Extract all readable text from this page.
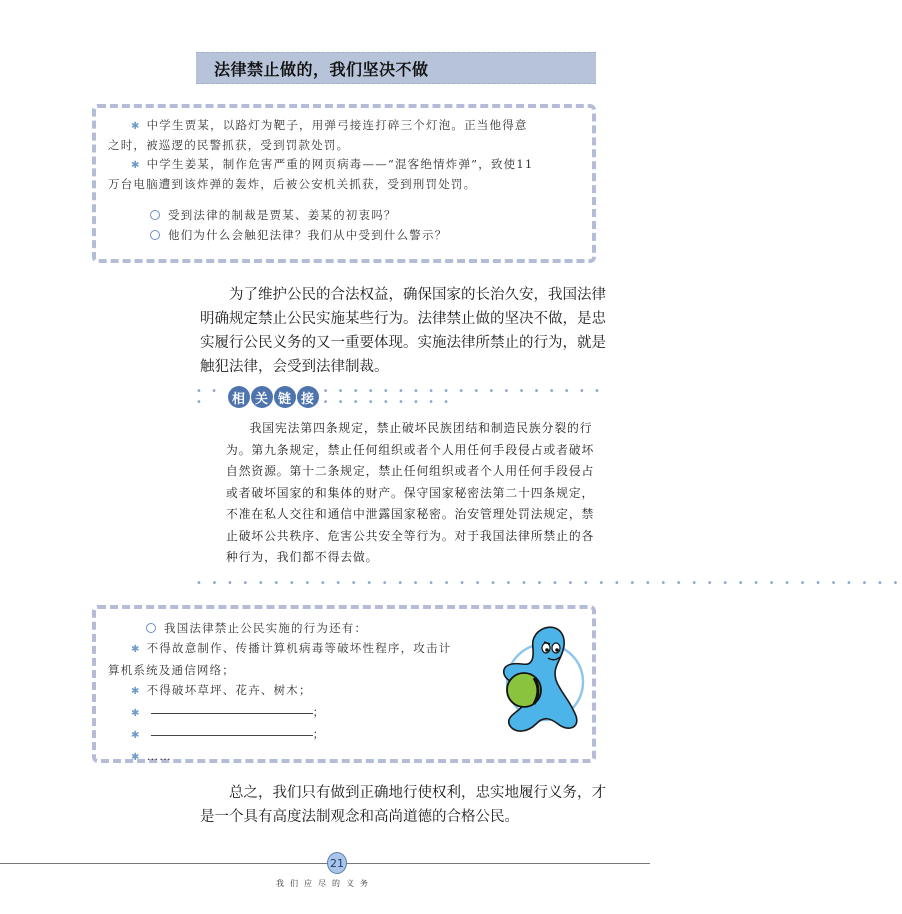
法律禁止做的，我们坚决不做
✱ 中学生贾某，以路灯为靶子，用弹弓接连打碎三个灯泡。正当他得意
之时，被巡逻的民警抓获，受到罚款处罚。
✱ 中学生姜某，制作危害严重的网页病毒——“混客绝情炸弹”，致使11
万台电脑遭到该炸弹的轰炸，后被公安机关抓获，受到刑罚处罚。
受到法律的制裁是贾某、姜某的初衷吗？
他们为什么会触犯法律？我们从中受到什么警示？

为了维护公民的合法权益，确保国家的长治久安，我国法律明确规定禁止公民实施某些行为。法律禁止做的坚决不做，是忠实履行公民义务的又一重要体现。实施法律所禁止的行为，就是触犯法律，会受到法律制裁。

• • •	相 关 链 接 • • • • • • • • • • • • • • • • • • • • • • • • • • • •

我国宪法第四条规定，禁止破坏民族团结和制造民族分裂的行为。第九条规定，禁止任何组织或者个人用任何手段侵占或者破坏自然资源。第十二条规定，禁止任何组织或者个人用任何手段侵占或者破坏国家的和集体的财产。保守国家秘密法第二十四条规定，不准在私人交往和通信中泄露国家秘密。治安管理处罚法规定，禁止破坏公共秩序、危害公共安全等行为。对于我国法律所禁止的各种行为，我们都不得去做。

• • • • • • • • • • • • • • • • • • • • • • • • • • • • • • • • • • • • • • • • • • • • • •
我国法律禁止公民实施的行为还有：
✱ 不得故意制作、传播计算机病毒等破坏性程序，攻击计
算机系统及通信网络；
✱ 不得破坏草坪、花卉、树木；
✱	；
✱	；
✱ ……

总之，我们只有做到正确地行使权利，忠实地履行义务，才是一个具有高度法制观念和高尚道德的合格公民。

21
我们应尽的义务
